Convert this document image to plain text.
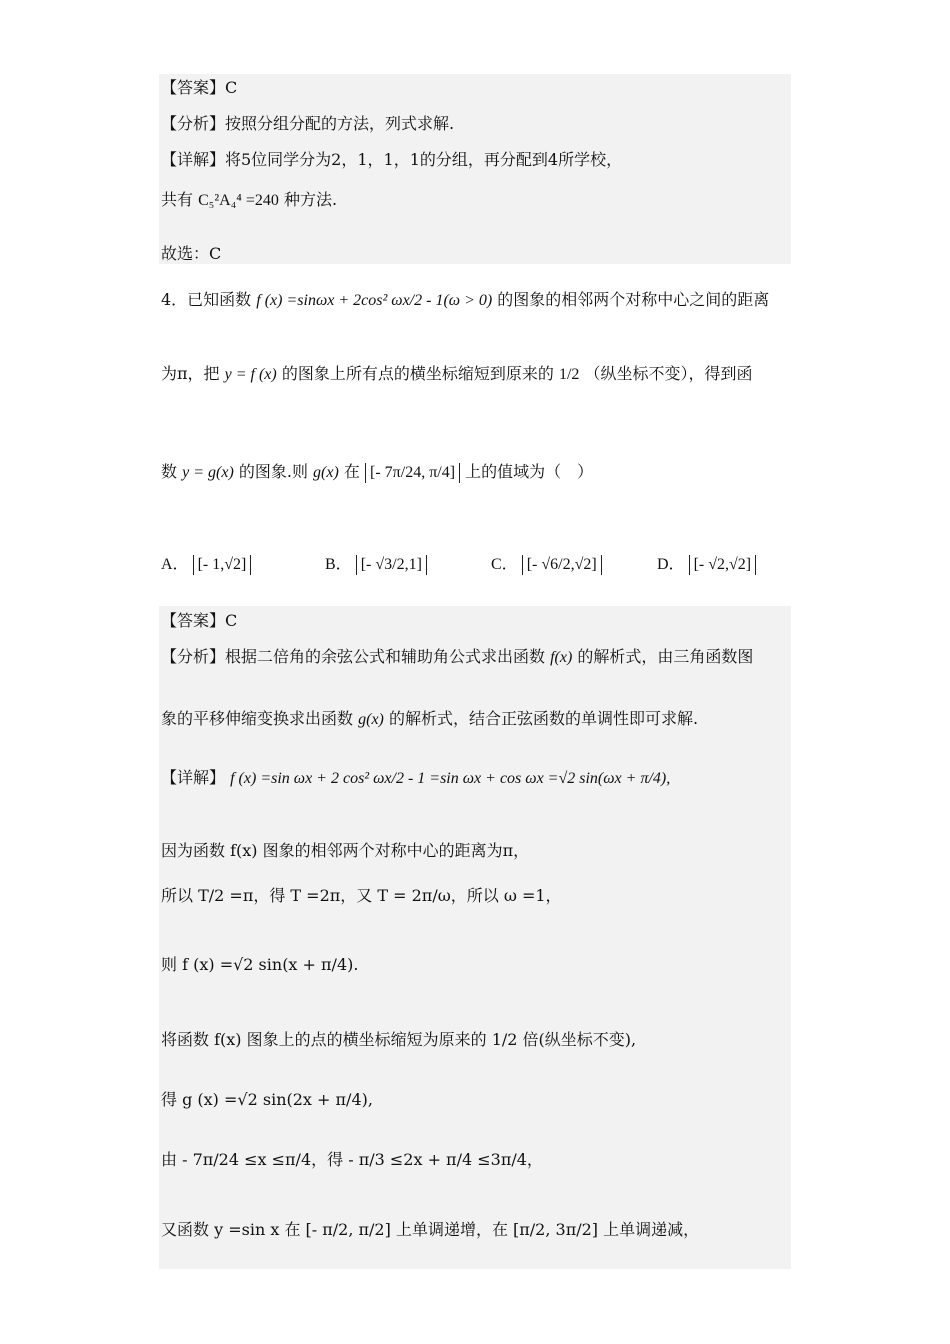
【答案】C
【分析】按照分组分配的方法，列式求解.
【详解】将5位同学分为2，1，1，1的分组，再分配到4所学校，
共有 C₅²A₄⁴ =240 种方法.
故选：C
4．已知函数 f (x) =sinωx + 2cos² ωx/2 - 1(ω > 0) 的图象的相邻两个对称中心之间的距离
为π，把 y = f (x) 的图象上所有点的横坐标缩短到原来的 1/2 （纵坐标不变），得到函
数 y = g(x) 的图象.则 g(x) 在 [- 7π/24, π/4] 上的值域为（　）
A． [- 1,√2]	B． [- √3/2,1]	C． [- √6/2,√2]	D． [- √2,√2]
【答案】C
【分析】根据二倍角的余弦公式和辅助角公式求出函数 f(x) 的解析式，由三角函数图
象的平移伸缩变换求出函数 g(x) 的解析式，结合正弦函数的单调性即可求解.
【详解】 f (x) =sin ωx + 2 cos² ωx/2 - 1 =sin ωx + cos ωx =√2 sin(ωx + π/4),
因为函数 f(x) 图象的相邻两个对称中心的距离为π，
所以 T/2 =π，得 T =2π，又 T = 2π/ω，所以 ω =1，
则 f (x) =√2 sin(x + π/4).
将函数 f(x) 图象上的点的横坐标缩短为原来的 1/2 倍(纵坐标不变),
得 g (x) =√2 sin(2x + π/4),
由 - 7π/24 ≤x ≤π/4，得 - π/3 ≤2x + π/4 ≤3π/4，
又函数 y =sin x 在 [- π/2, π/2] 上单调递增，在 [π/2, 3π/2] 上单调递减，
